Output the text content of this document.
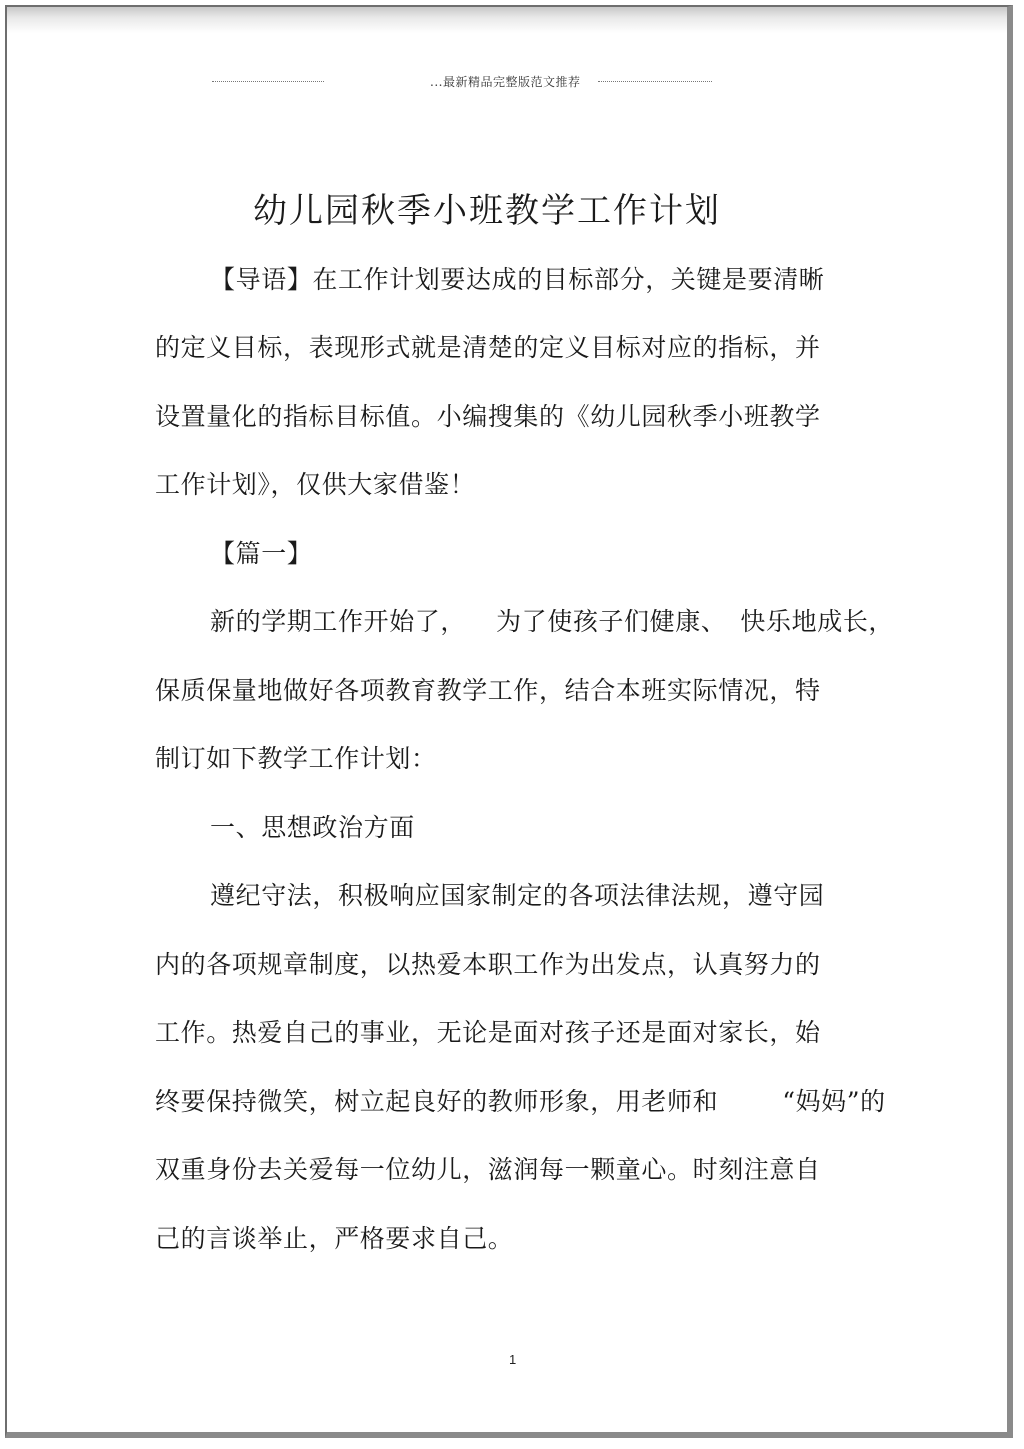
...最新精品完整版范文推荐
幼儿园秋季小班教学工作计划
【导语】在工作计划要达成的目标部分，关键是要清晰
的定义目标，表现形式就是清楚的定义目标对应的指标，并
设置量化的指标目标值。小编搜集的《幼儿园秋季小班教学
工作计划》，仅供大家借鉴！
【篇一】
新的学期工作开始了， 为了使孩子们健康、 快乐地成长，
保质保量地做好各项教育教学工作，结合本班实际情况，特
制订如下教学工作计划：
一、思想政治方面
遵纪守法，积极响应国家制定的各项法律法规，遵守园
内的各项规章制度，以热爱本职工作为出发点，认真努力的
工作。热爱自己的事业，无论是面对孩子还是面对家长，始
终要保持微笑，树立起良好的教师形象，用老师和	“妈妈”的
双重身份去关爱每一位幼儿，滋润每一颗童心。时刻注意自
己的言谈举止，严格要求自己。
1
